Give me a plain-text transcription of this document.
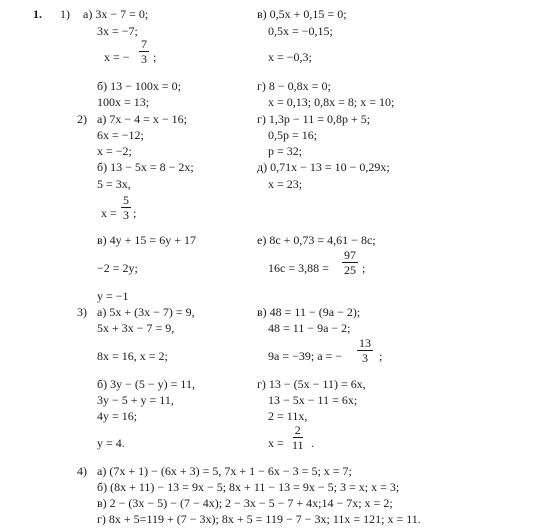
1. 1) а) 3x − 7 = 0;
3x = −7;
x = − $\frac{7}{3}$ ;
в) 0,5x + 0,15 = 0;
0,5x = −0,15;
x = −0,3;
б) 13 − 100x = 0;
100x = 13;
г) 8 − 0,8x = 0;
x = 0,13; 0,8x = 8; x = 10;
2) а) 7x − 4 = x − 16;
6x = −12;
x = −2;
г) 1,3p − 11 = 0,8p + 5;
0,5p = 16;
p = 32;
б) 13 − 5x = 8 − 2x;
5 = 3x,
$x = \frac{5}{3}$ ;
д) 0,71x − 13 = 10 − 0,29x;
x = 23;
в) 4y + 15 = 6y + 17
−2 = 2y;
y = −1
е) 8c + 0,73 = 4,61 − 8c;
$16c = 3,88 = \frac{97}{25}$ ;
3) а) 5x + (3x − 7) = 9,
5x + 3x − 7 = 9,
8x = 16, x = 2;
в) 48 = 11 − (9a − 2);
48 = 11 − 9a − 2;
9a = −39; a = − $\frac{13}{3}$ ;
б) 3y − (5 − y) = 11,
3y − 5 + y = 11,
4y = 16;
y = 4.
г) 13 − (5x − 11) = 6x,
13 − 5x − 11 = 6x;
2 = 11x,
$x = \frac{2}{11}$ .
4) а) (7x + 1) − (6x + 3) = 5, 7x + 1 − 6x − 3 = 5; x = 7;
б) (8x + 11) − 13 = 9x − 5; 8x + 11 − 13 = 9x − 5; 3 = x; x = 3;
в) 2 − (3x − 5) − (7 − 4x); 2 − 3x − 5 − 7 + 4x;14 − 7x; x = 2;
г) 8x + 5=119 + (7 − 3x); 8x + 5 = 119 − 7 − 3x; 11x = 121; x = 11.
